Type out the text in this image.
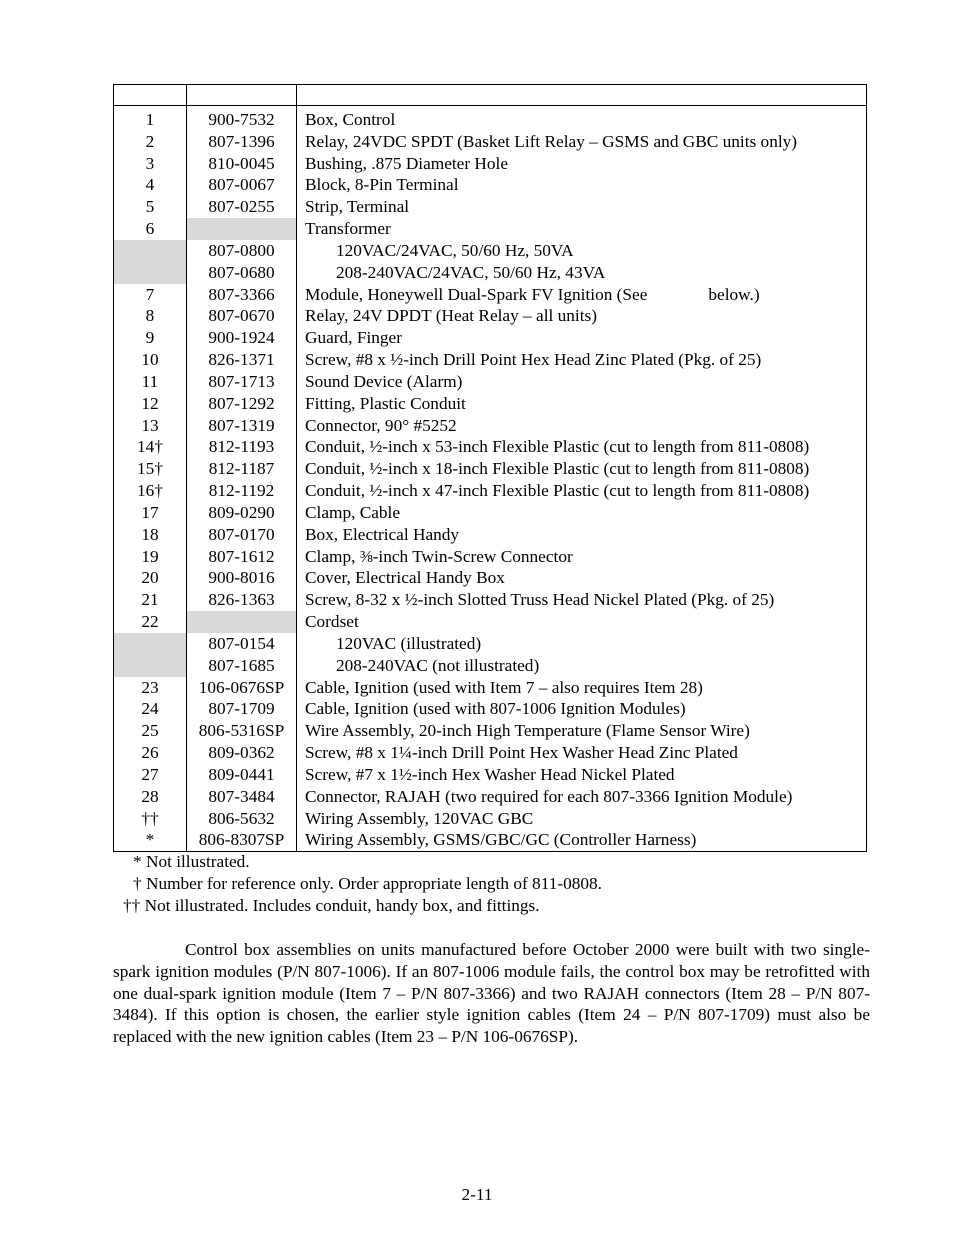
1	900-7532	Box, Control
2	807-1396	Relay, 24VDC SPDT (Basket Lift Relay – GSMS and GBC units only)
3	810-0045	Bushing, .875 Diameter Hole
4	807-0067	Block, 8-Pin Terminal
5	807-0255	Strip, Terminal
6		Transformer
	807-0800	120VAC/24VAC, 50/60 Hz, 50VA
	807-0680	208-240VAC/24VAC, 50/60 Hz, 43VA
7	807-3366	Module, Honeywell Dual-Spark FV Ignition (See below.)
8	807-0670	Relay, 24V DPDT (Heat Relay – all units)
9	900-1924	Guard, Finger
10	826-1371	Screw, #8 x ½-inch Drill Point Hex Head Zinc Plated (Pkg. of 25)
11	807-1713	Sound Device (Alarm)
12	807-1292	Fitting, Plastic Conduit
13	807-1319	Connector, 90° #5252
14†	812-1193	Conduit, ½-inch x 53-inch Flexible Plastic (cut to length from 811-0808)
15†	812-1187	Conduit, ½-inch x 18-inch Flexible Plastic (cut to length from 811-0808)
16†	812-1192	Conduit, ½-inch x 47-inch Flexible Plastic (cut to length from 811-0808)
17	809-0290	Clamp, Cable
18	807-0170	Box, Electrical Handy
19	807-1612	Clamp, ⅜-inch Twin-Screw Connector
20	900-8016	Cover, Electrical Handy Box
21	826-1363	Screw, 8-32 x ½-inch Slotted Truss Head Nickel Plated (Pkg. of 25)
22		Cordset
	807-0154	120VAC (illustrated)
	807-1685	208-240VAC (not illustrated)
23	106-0676SP	Cable, Ignition (used with Item 7 – also requires Item 28)
24	807-1709	Cable, Ignition (used with 807-1006 Ignition Modules)
25	806-5316SP	Wire Assembly, 20-inch High Temperature (Flame Sensor Wire)
26	809-0362	Screw, #8 x 1¼-inch Drill Point Hex Washer Head Zinc Plated
27	809-0441	Screw, #7 x 1½-inch Hex Washer Head Nickel Plated
28	807-3484	Connector, RAJAH (two required for each 807-3366 Ignition Module)
††	806-5632	Wiring Assembly, 120VAC GBC
*	806-8307SP	Wiring Assembly, GSMS/GBC/GC (Controller Harness)
* Not illustrated.
† Number for reference only. Order appropriate length of 811-0808.
†† Not illustrated. Includes conduit, handy box, and fittings.

Control box assemblies on units manufactured before October 2000 were built with two single-spark ignition modules (P/N 807-1006). If an 807-1006 module fails, the control box may be retrofitted with one dual-spark ignition module (Item 7 – P/N 807-3366) and two RAJAH connectors (Item 28 – P/N 807-3484). If this option is chosen, the earlier style ignition cables (Item 24 – P/N 807-1709) must also be replaced with the new ignition cables (Item 23 – P/N 106-0676SP).

2-11
